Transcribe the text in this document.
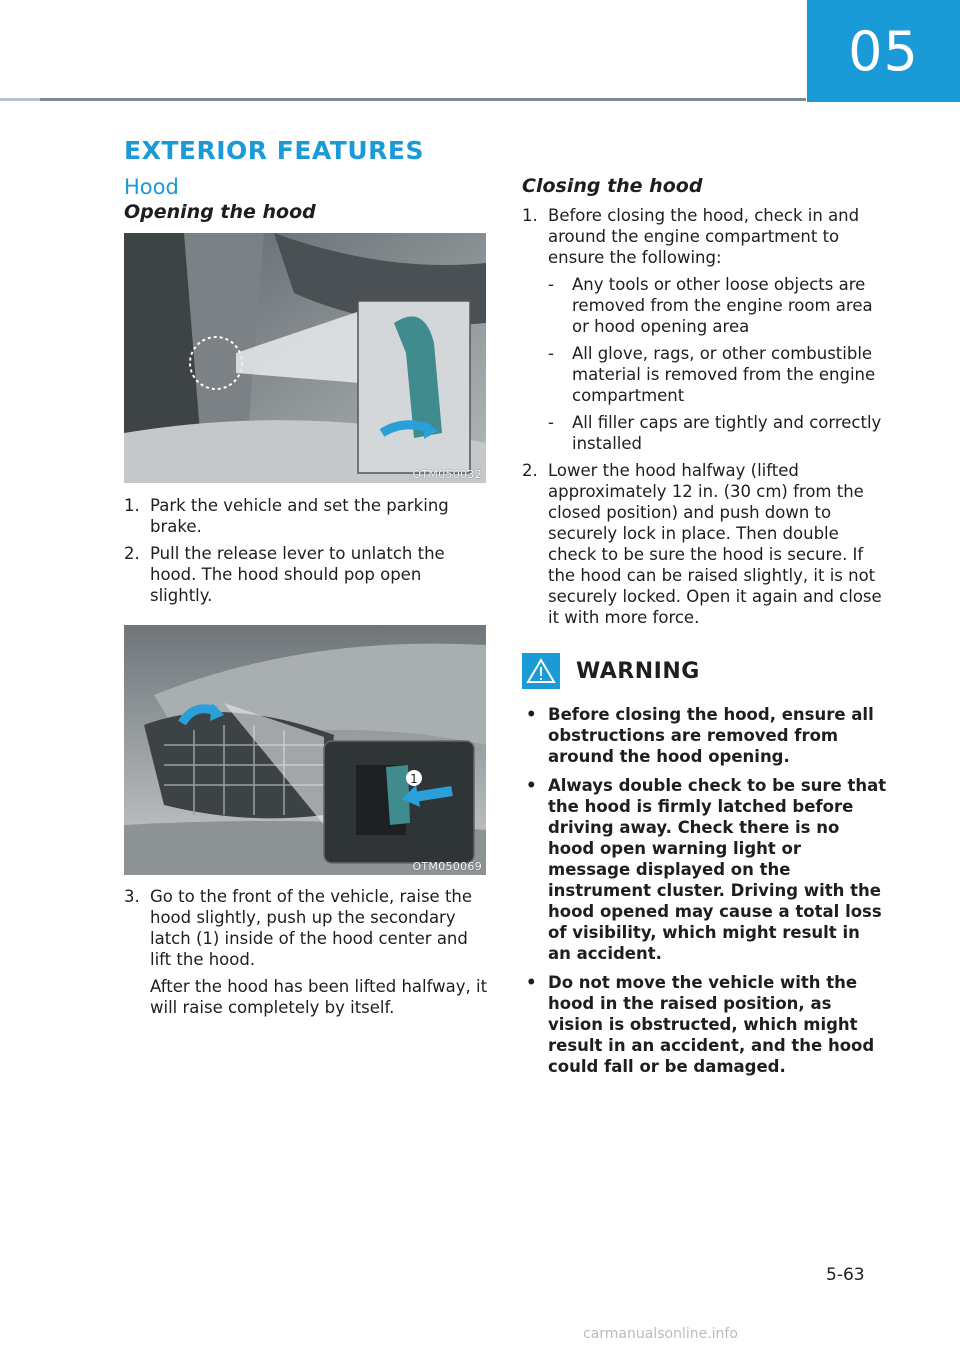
05
EXTERIOR FEATURES
Hood
Opening the hood
OTM050032
1. Park the vehicle and set the parking brake.
2. Pull the release lever to unlatch the hood. The hood should pop open slightly.
1
OTM050069
3. Go to the front of the vehicle, raise the hood slightly, push up the secondary latch (1) inside of the hood center and lift the hood.

After the hood has been lifted halfway, it will raise completely by itself.

Closing the hood
1. Before closing the hood, check in and around the engine compartment to ensure the following:
- Any tools or other loose objects are removed from the engine room area or hood opening area
- All glove, rags, or other combustible material is removed from the engine compartment
- All filler caps are tightly and correctly installed
2. Lower the hood halfway (lifted approximately 12 in. (30 cm) from the closed position) and push down to securely lock in place. Then double check to be sure the hood is secure. If the hood can be raised slightly, it is not securely locked. Open it again and close it with more force.
WARNING
• Before closing the hood, ensure all obstructions are removed from around the hood opening.
• Always double check to be sure that the hood is firmly latched before driving away. Check there is no hood open warning light or message displayed on the instrument cluster. Driving with the hood opened may cause a total loss of visibility, which might result in an accident.
• Do not move the vehicle with the hood in the raised position, as vision is obstructed, which might result in an accident, and the hood could fall or be damaged.
5-63
carmanualsonline.info
